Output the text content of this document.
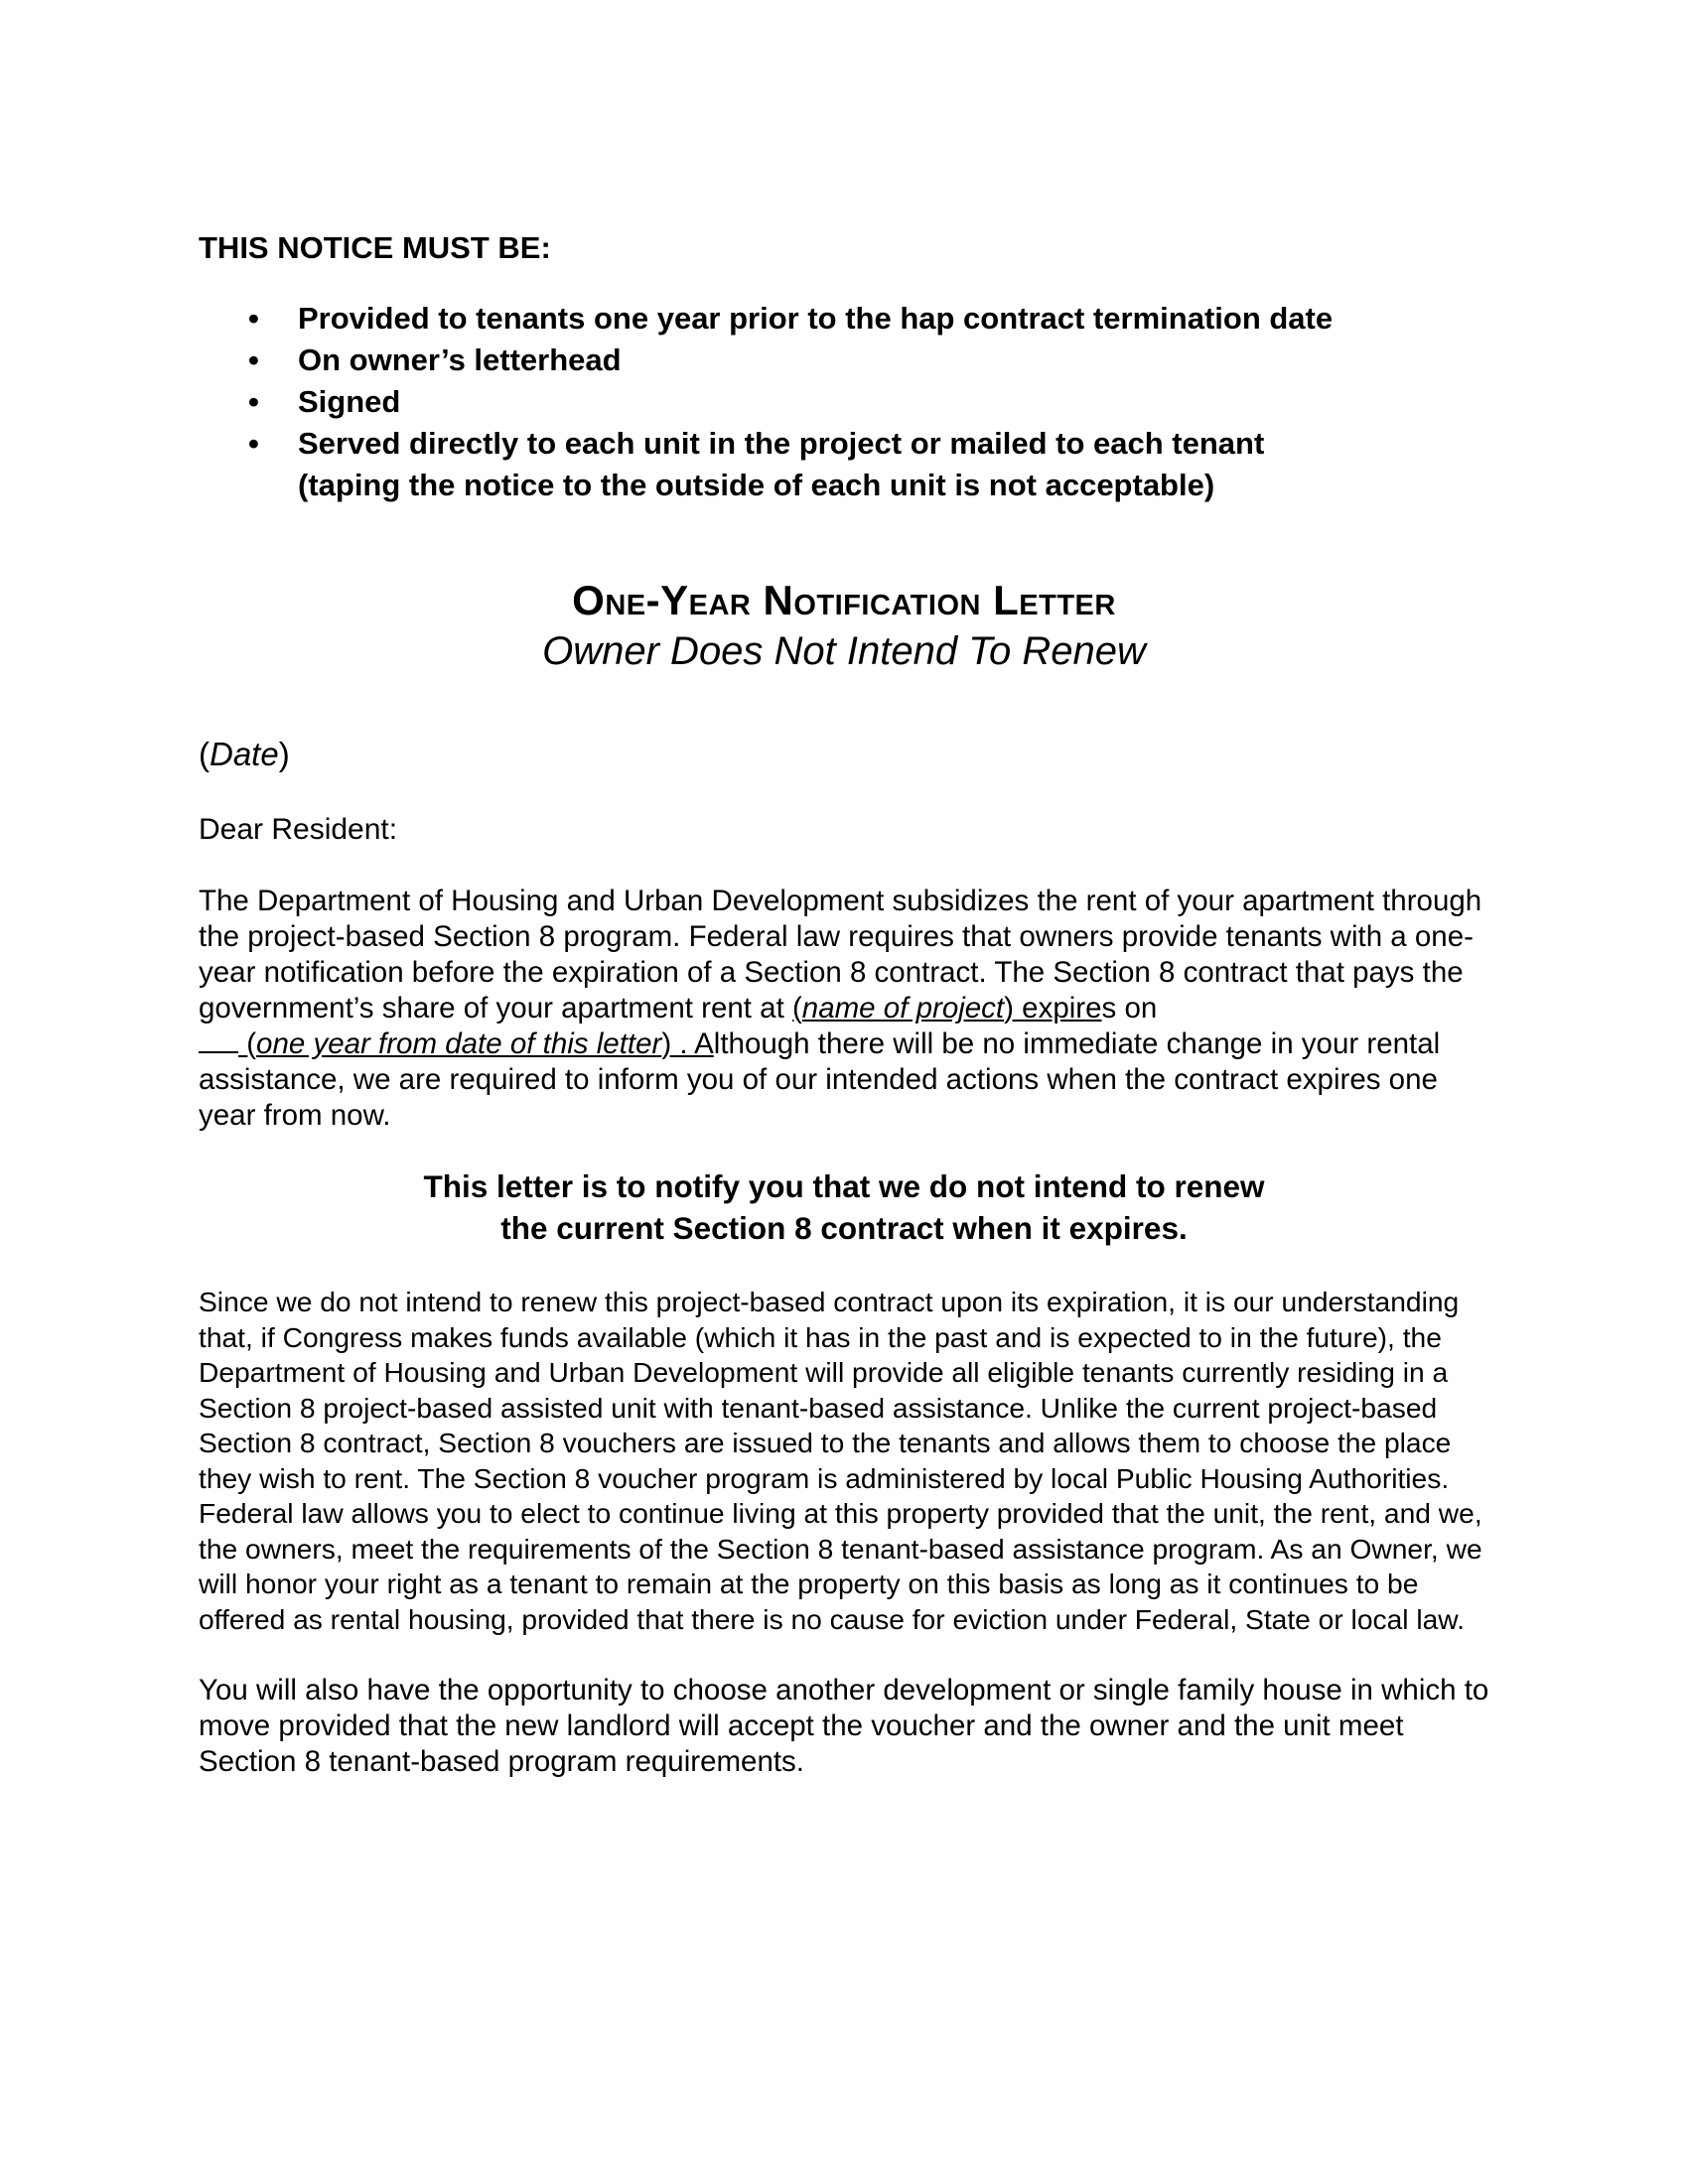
THIS NOTICE MUST BE:

• Provided to tenants one year prior to the hap contract termination date
• On owner’s letterhead
• Signed
• Served directly to each unit in the project or mailed to each tenant
(taping the notice to the outside of each unit is not acceptable)
One-Year Notification Letter
Owner Does Not Intend To Renew
(Date)
Dear Resident:
The Department of Housing and Urban Development subsidizes the rent of your apartment through the project-based Section 8 program. Federal law requires that owners provide tenants with a one-year notification before the expiration of a Section 8 contract. The Section 8 contract that pays the government’s share of your apartment rent at (name of project) expires on
(one year from date of this letter) . Although there will be no immediate change in your rental assistance, we are required to inform you of our intended actions when the contract expires one year from now.
This letter is to notify you that we do not intend to renew
the current Section 8 contract when it expires.
Since we do not intend to renew this project-based contract upon its expiration, it is our understanding that, if Congress makes funds available (which it has in the past and is expected to in the future), the Department of Housing and Urban Development will provide all eligible tenants currently residing in a Section 8 project-based assisted unit with tenant-based assistance. Unlike the current project-based Section 8 contract, Section 8 vouchers are issued to the tenants and allows them to choose the place they wish to rent. The Section 8 voucher program is administered by local Public Housing Authorities. Federal law allows you to elect to continue living at this property provided that the unit, the rent, and we, the owners, meet the requirements of the Section 8 tenant-based assistance program. As an Owner, we will honor your right as a tenant to remain at the property on this basis as long as it continues to be offered as rental housing, provided that there is no cause for eviction under Federal, State or local law.
You will also have the opportunity to choose another development or single family house in which to move provided that the new landlord will accept the voucher and the owner and the unit meet Section 8 tenant-based program requirements.
